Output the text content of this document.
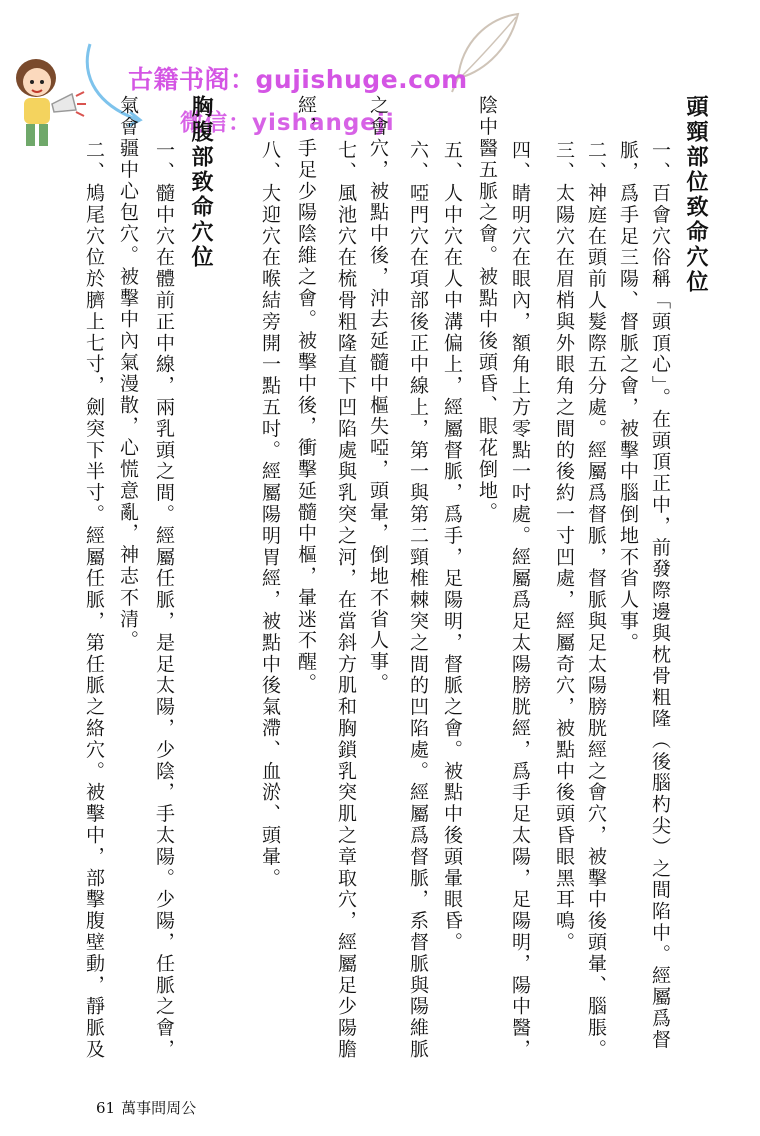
古籍书阁：gujishuge.com
微信：yishangeji	頭頸部位致命穴位
一、百會穴俗稱「頭頂心」。在頭頂正中，前發際邊與枕骨粗隆（後腦杓尖）之間陷中。經屬爲督
脈，爲手足三陽、督脈之會，被擊中腦倒地不省人事。
二、神庭在頭前人髮際五分處。經屬爲督脈，督脈與足太陽膀胱經之會穴，被擊中後頭暈、腦脹。
三、太陽穴在眉梢與外眼角之間的後約一寸凹處，經屬奇穴，被點中後頭昏眼黑耳鳴。
四、睛明穴在眼內，額角上方零點一吋處。經屬爲足太陽膀胱經，爲手足太陽，足陽明，陽中醫，
陰中醫五脈之會。被點中後頭昏、眼花倒地。
五、人中穴在人中溝偏上，經屬督脈，爲手，足陽明，督脈之會。被點中後頭暈眼昏。
六、啞門穴在項部後正中線上，第一與第二頸椎棘突之間的凹陷處。經屬爲督脈，系督脈與陽維脈
之會穴，被點中後，沖去延髓中樞失啞，頭暈，倒地不省人事。
七、風池穴在梳骨粗隆直下凹陷處與乳突之河，在當斜方肌和胸鎖乳突肌之章取穴，經屬足少陽膽
經，手足少陽陰維之會。被擊中後，衝擊延髓中樞，暈迷不醒。
八、大迎穴在喉結旁開一點五吋。經屬陽明胃經，被點中後氣滯、血淤、頭暈。
胸腹部致命穴位
一、髓中穴在體前正中線，兩乳頭之間。經屬任脈，是足太陽，少陰，手太陽。少陽，任脈之會，
氣會疆中心包穴。被擊中內氣漫散，心慌意亂，神志不清。
二、鳩尾穴位於臍上七寸，劍突下半寸。經屬任脈，第任脈之絡穴。被擊中，部擊腹壁動，靜脈及
61 萬事問周公
